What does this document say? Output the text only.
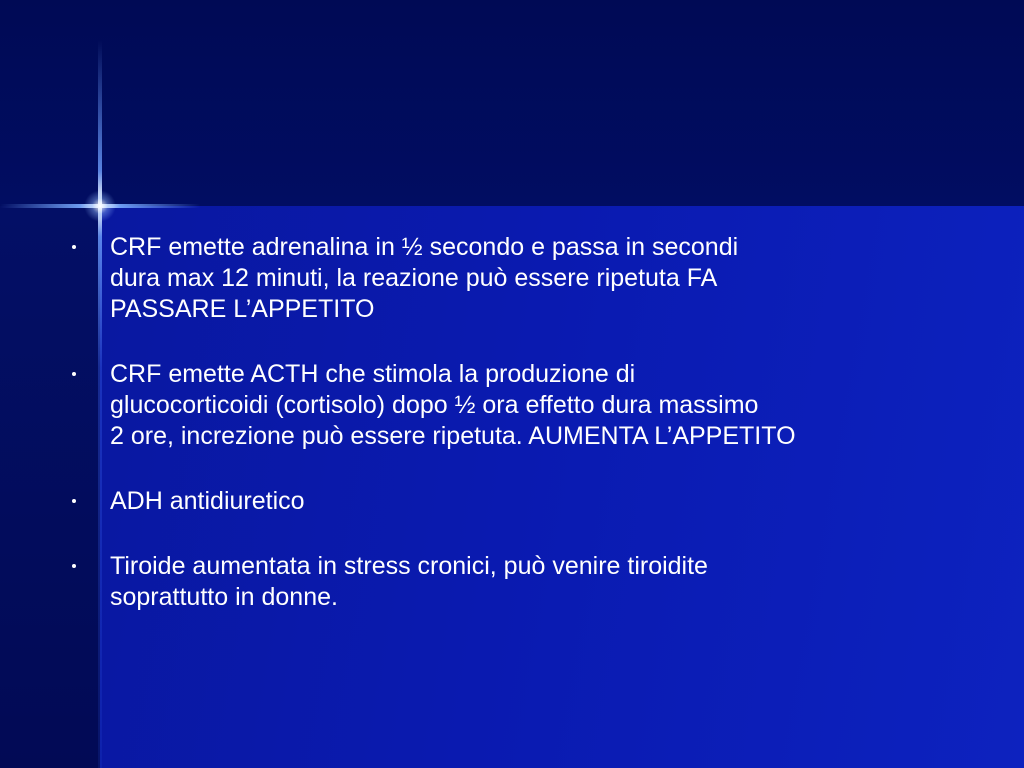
CRF emette adrenalina in ½ secondo e passa in secondi
dura max 12 minuti, la reazione può essere ripetuta FA
PASSARE L’APPETITO
CRF emette ACTH che stimola la produzione di
glucocorticoidi (cortisolo) dopo ½ ora effetto dura massimo
2 ore, increzione può essere ripetuta. AUMENTA L’APPETITO
ADH antidiuretico
Tiroide aumentata in stress cronici, può venire tiroidite
soprattutto in donne.
